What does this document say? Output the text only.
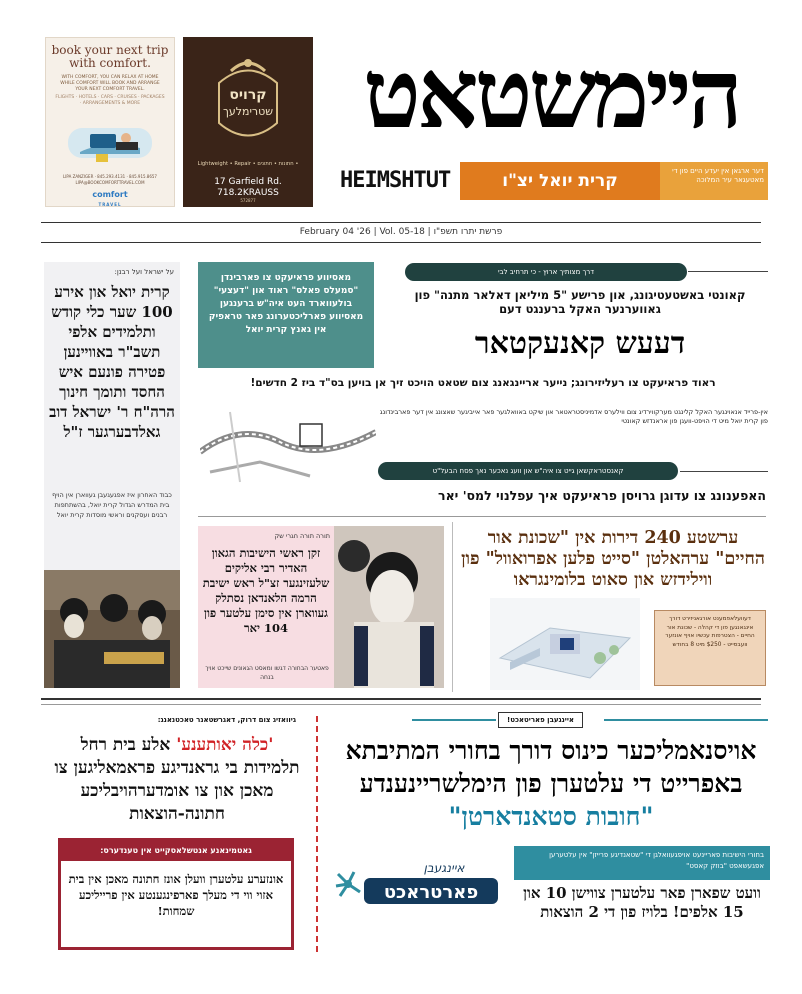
book your next trip with comfort.
WITH COMFORT, YOU CAN RELAX AT HOME WHILE COMFORT WILL BOOK AND ARRANGE YOUR NEXT COMFORT TRAVEL.
FLIGHTS · HOTELS · CARS · CRUISES · PACKAGES · ARRANGEMENTS & MORE
LIPA ZANZIGER · 845.293.4131 · 845.915.8657
LIPA@BOOKCOMFORTTRAVEL.COM
comfort
TRAVEL
קרויס
שטרימלעך
Lightweight • Repair • חתונות • חתונים •
17 Garfield Rd.
718.2KRAUSS
572877
היימשטאט
HEIMSHTUT	קרית יואל יצ"ו	דער ארגאן אין יעדע היים פון די מאטעגאר עיר המלוכה
February 04 '26 | Vol. 05-18 | פרשת יתרו תשפ"ו
על ישראל ועל רבנן:
קרית יואל און אירע 100 שער כלי קודש ותלמידים אלפי תשב"ר באווײנען פטירה פונעם איש החסד ותומך חינוך הרה"ח ר' ישראל דוב גאלדבערגער ז"ל
כבוד האחרון איז אפגעגעבן געווארן אין הויף בית המדרש הגדול קרית יואל, בהשתתפות רבנים ועסקנים וראשי מוסדות קרית יואל
מאסיווע פראיעקט צו פארבינדן "סמעלס פאלס" ראוד און "דעצעי" בולעווארד העט איה"ש ברענגען מאסיווע פארליכטערונג פאר טראפיק אין גאנץ קרית יואל
דרך מצותיך ארוץ - כי תרחיב לבי
קאונטי באשטעטיגונג, און פרישע "5 מיליאן דאלאר מתנה" פון גאווערנער האקל ברענגט דעם
דעעש קאנעקטאר
ראוד פראיעקט צו רעליזירונג; נייער אריינגאנג צום שטאט הויכט זיך אן בויען בס"ד ביז 2 חדשים!
אין-פרייד אנאוינגער האקל קלינגט מערקווירדיג צום ווילערס אדמיניסטראטאר און שיקט באוואלגער פאר אייביגער שאצונג אין דער פארבינדונג פון קרית יואל מיט די הויפט-וועגן פון אראנדזש קאונטי
קאנסטראקשאן גייט צו איה"ש און וועג נאכער נאך פסח הבעל"ט
האפענונג צו עדוגן גרויסן פראיעקט איך עפלנוי למס' יאר
תורה תורה חגרי שק
זקן ראשי הישיבות הגאון האדיר רבי אליקים שלעזינגער זצ"ל ראש ישיבת הרמה הלאנדאן נסתלק געווארן אין סימן עלטער פון 104 יאר
פאטער הבחורה דגשו ומאסט הגאונים שייכט אויך בנחה
ערשטע 240 דירות אין "שכונת אור החיים" ערהאלטן "סייט פלען אפרואוול" פון ווילידזש און סאוט בלומינגראו
דעוועלאפמענט אורגאניזירט דורך אינגאנגען פון די קהלה - שכונת אור החיים - הצטרפות עכשיו אויף אונזער וועבסייט - $250 מיט 8 בחודש
איינגעבן פאריטאכט!
אויסנאמליכער כינוס דורך בחורי המתיבתא באפרייט די עלטערן פון הימלשריינענדע "חובות סטאנדארטן"
בחורי הישיבות פאריינעט אויפגעוואלגן די "שטאנדיגע פרייזן" אין עלטערען אפגעשאפט "בוזק קאסט"
פארטראכט
איינגעבן
וועט שפארן פאר עלטערן צווישן 10 און 15 אלפים! בלויז פון די 2 הוצאות
גיוואזיג צום דרוק, דאגרשטאנר טאכטנאנג:
'כלה יאותענע' אלע בית רחל תלמידות בי גראנדיגע פראמאליגען צו מאכן און צו אומדערהויבליכע חתונה-הוצאות
גאטמינאנע אנטשלאסקייט אין טענדערס:
אונזערע עלטערן וועלן אונז חתונה מאכן אין בית אזוי ווי די מעלך פארפינגענטע אין פרייליכע שמחות!
